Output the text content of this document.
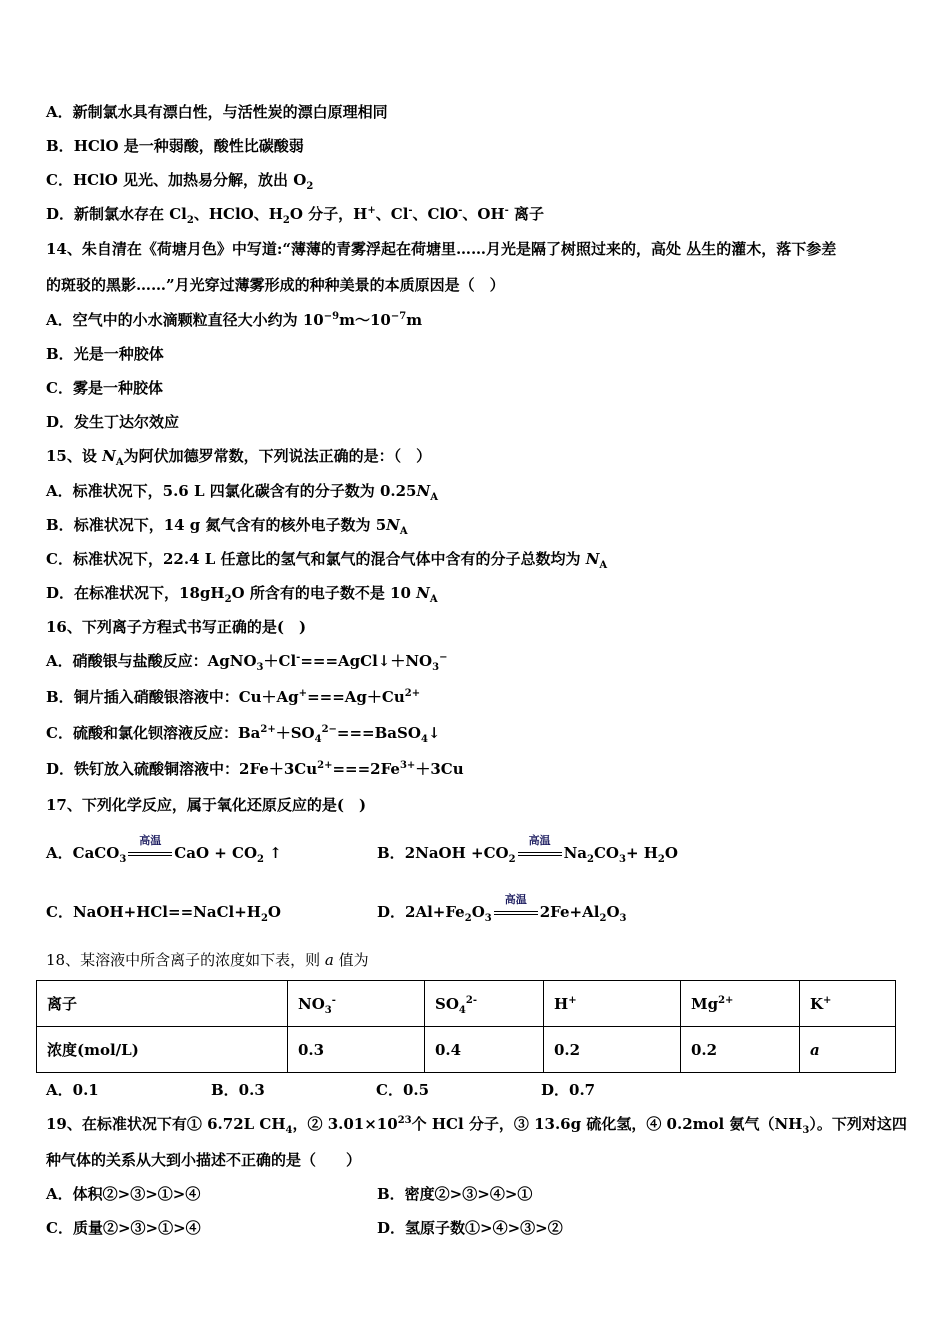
A．新制氯水具有漂白性，与活性炭的漂白原理相同
B．HClO 是一种弱酸，酸性比碳酸弱
C．HClO 见光、加热易分解，放出 $O_2$
D．新制氯水存在 $Cl_2$、HClO、$H_2O$ 分子，H+、Cl-、ClO-、OH- 离子
14、朱自清在《荷塘月色》中写道:“薄薄的青雾浮起在荷塘里……月光是隔了树照过来的，高处 丛生的灌木，落下参差
的斑驳的黑影……”月光穿过薄雾形成的种种美景的本质原因是（　）
A．空气中的小水滴颗粒直径大小约为 $10^{-9}m\sim 10^{-7}m$
B．光是一种胶体
C．雾是一种胶体
D．发生丁达尔效应
15、设 $N_A$为阿伏加德罗常数，下列说法正确的是：（　）
A．标准状况下，5.6 L 四氯化碳含有的分子数为 $0.25N_A$
B．标准状况下，14 g 氮气含有的核外电子数为 $5N_A$
C．标准状况下，22.4 L 任意比的氢气和氯气的混合气体中含有的分子总数均为 $N_A$
D．在标准状况下，$18gH_2O$ 所含有的电子数不是 10 $N_A$
16、下列离子方程式书写正确的是(　)
A．硝酸银与盐酸反应：$AgNO_3+Cl^-===AgCl↓+NO_3^-$
B．铜片插入硝酸银溶液中：$Cu+Ag^+===Ag+Cu^{2+}$
C．硫酸和氯化钡溶液反应：$Ba^{2+}+SO_4^{2-}===BaSO_4↓$
D．铁钉放入硫酸铜溶液中：$2Fe+3Cu^{2+}===2Fe^{3+}+3Cu$
17、下列化学反应，属于氧化还原反应的是(　)
A．CaCO$_3$
高温
CaO + $CO_2$ ↑	B．2NaOH $+CO_2$
高温
$Na_2CO_3+ H_2O$
C．$NaOH+HCl==NaCl+H_2O$	D．$2Al+Fe_2O_3$
高温
$2Fe+Al_2O_3$
18、某溶液中所含离子的浓度如下表，则 a 值为
离子	$NO_3^-$	$SO_4^{2-}$	H+	$Mg^{2+}$	K+
浓度(mol/L)	0.3	0.4	0.2	0.2	a
A．0.1	B．0.3	C．0.5	D．0.7
19、在标准状况下有① 6.72L $CH_4$，② $3.01\times 10^{23}$个 HCl 分子，③ 13.6g 硫化氢，④ 0.2mol 氨气$(NH_3)$。下列对这四
种气体的关系从大到小描述不正确的是（　　）
A．体积②>③>①>④	B．密度②>③>④>①
C．质量②>③>①>④	D．氢原子数①>④>③>②
